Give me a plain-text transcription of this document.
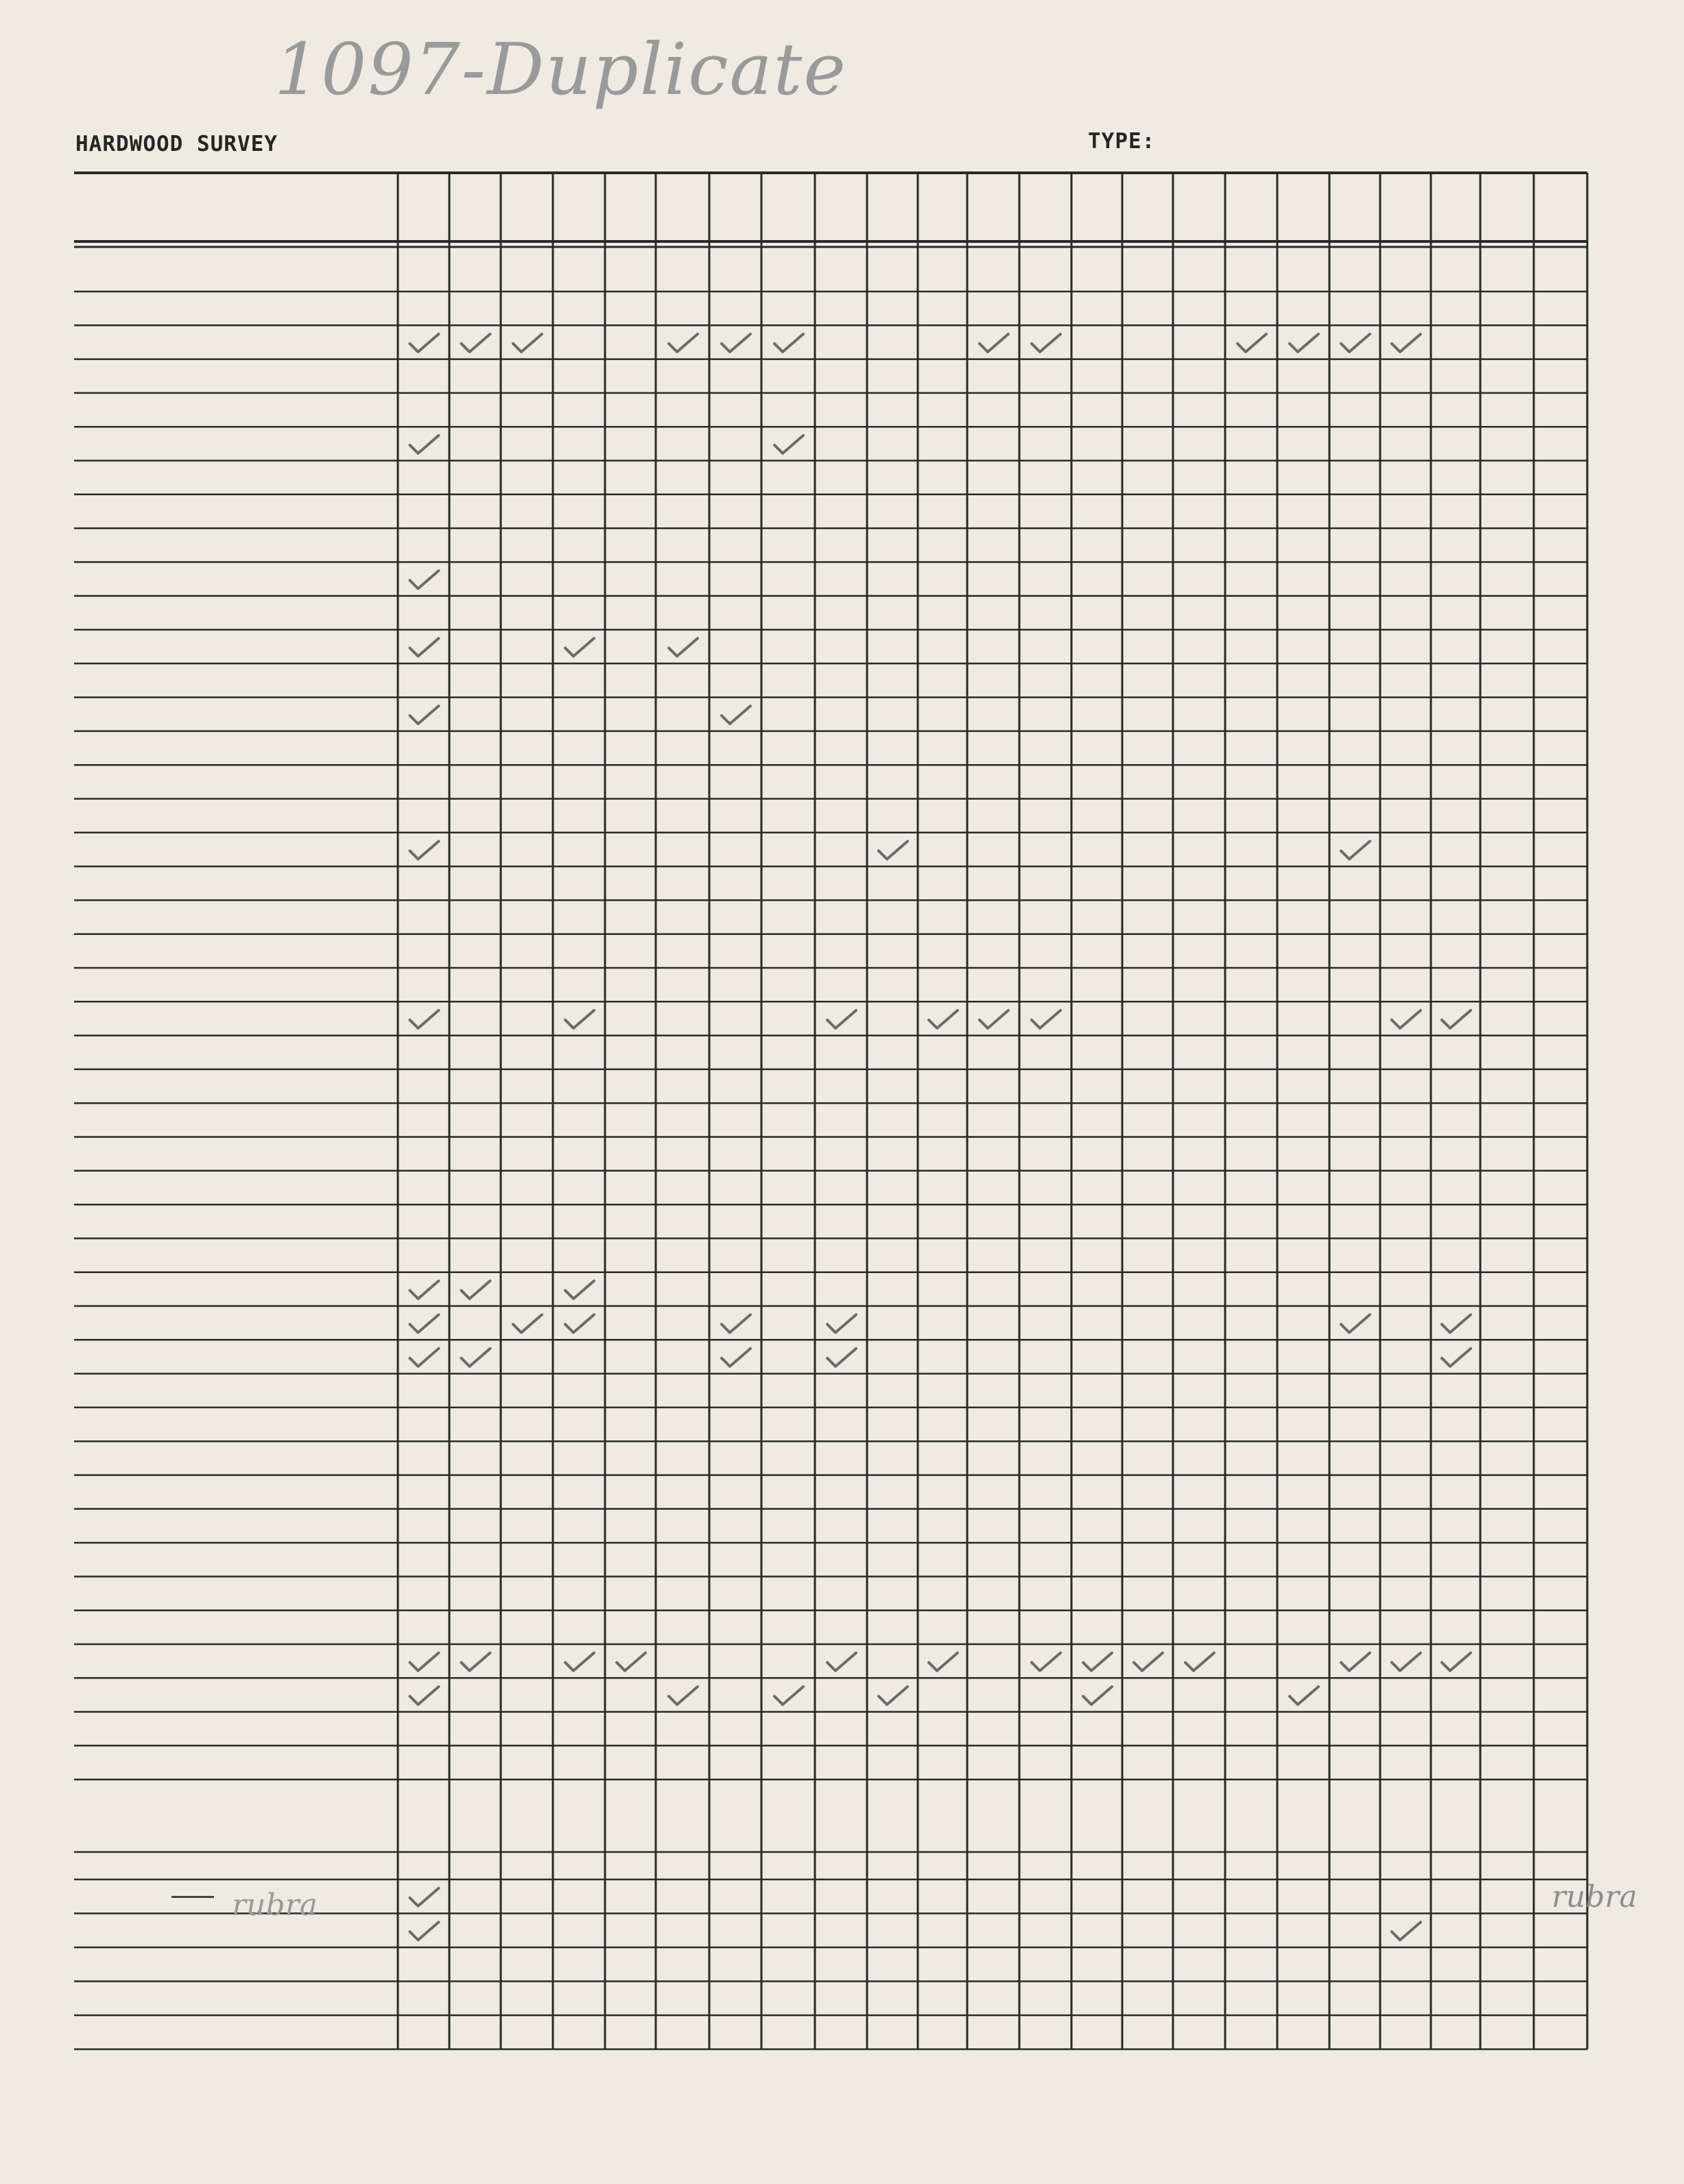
1097-Duplicate
HARDWOOD SURVEY	TYPE:
rubra	rubra
